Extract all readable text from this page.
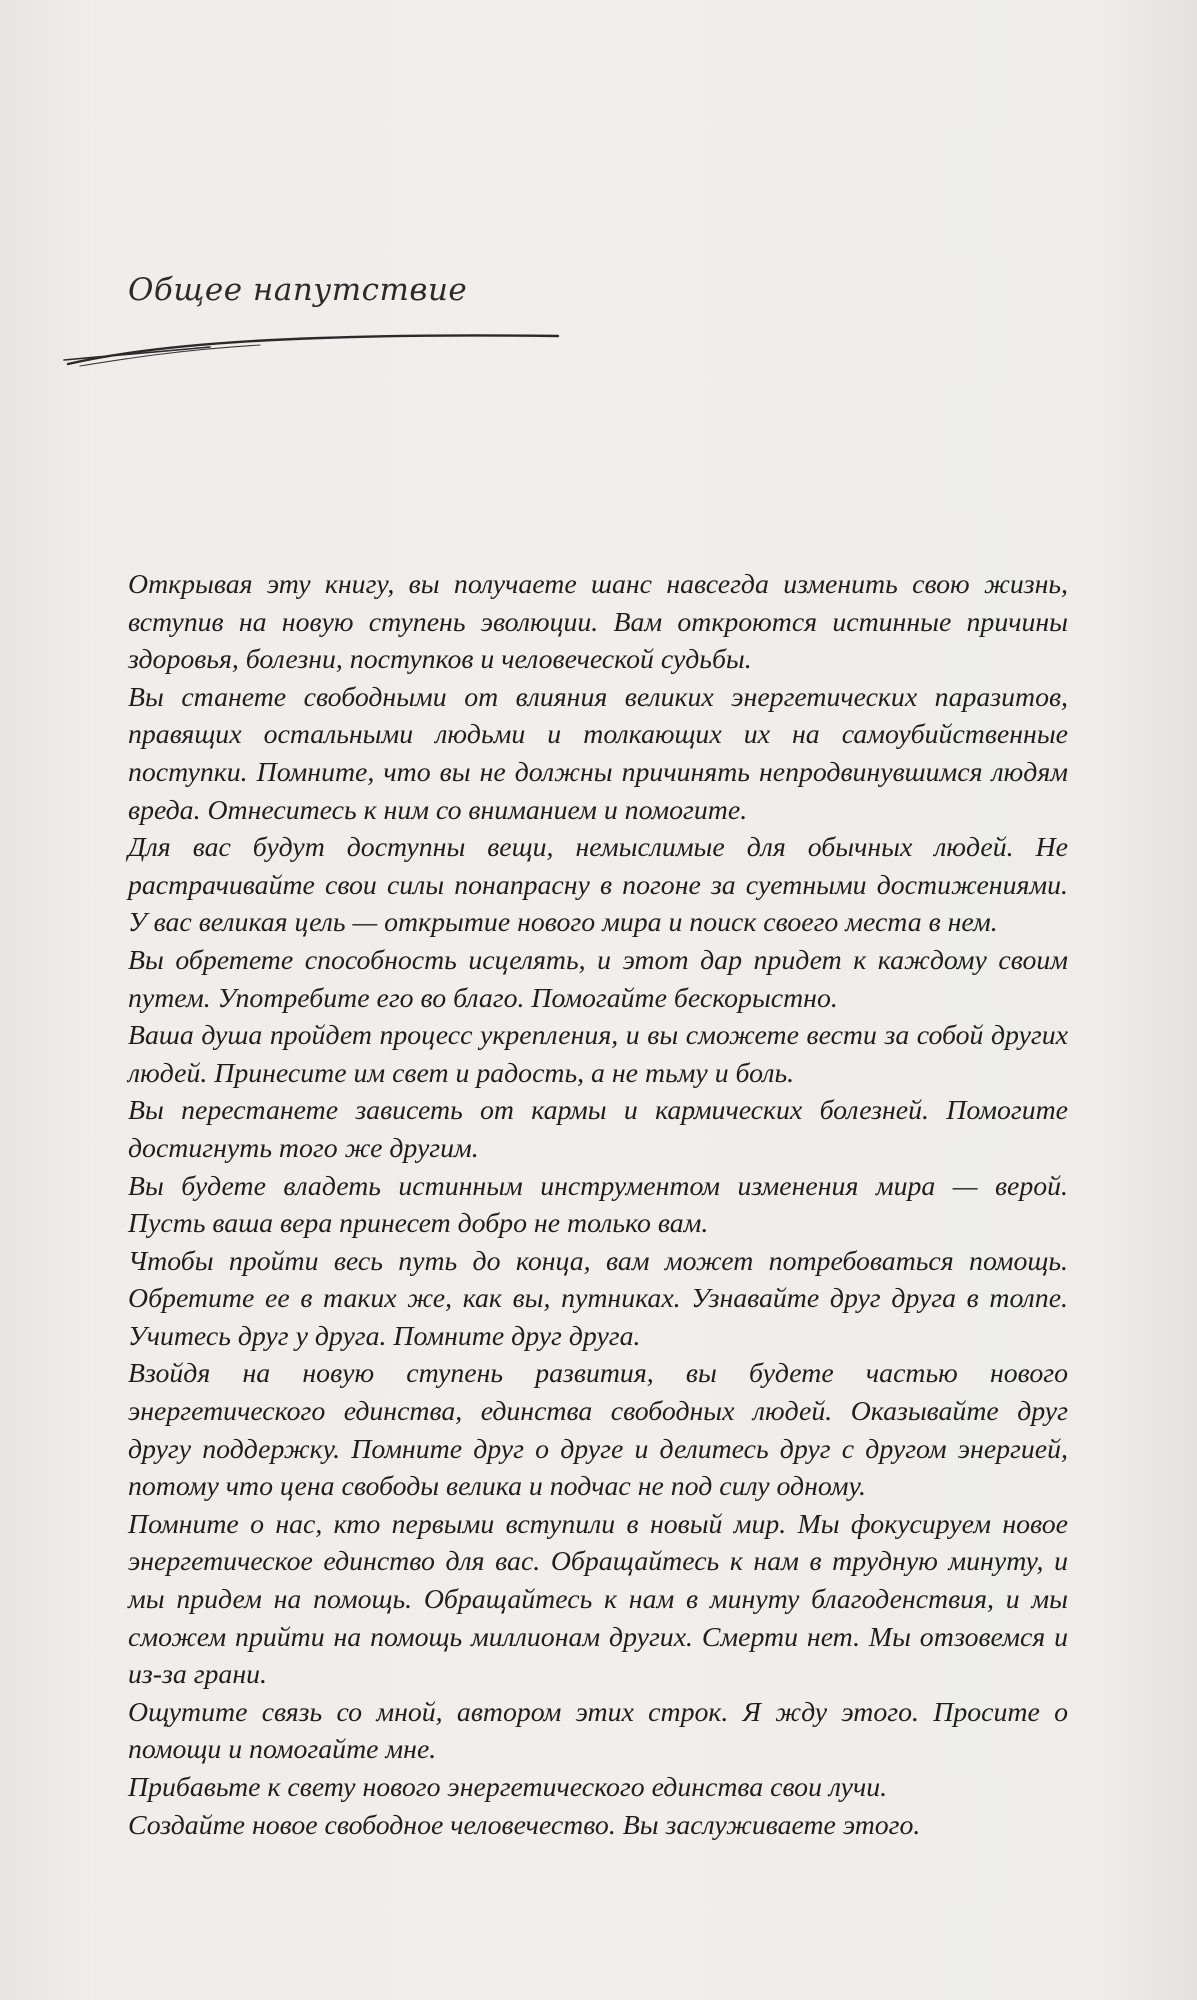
Общее напутствие

Открывая эту книгу, вы получаете шанс навсегда изменить свою жизнь, вступив на новую ступень эволюции. Вам откроются истинные причины здоровья, болезни, поступков и человеческой судьбы.

Вы станете свободными от влияния великих энергетических паразитов, правящих остальными людьми и толкающих их на самоубийственные поступки. Помните, что вы не должны причинять непродвинувшимся людям вреда. Отнеситесь к ним со вниманием и помогите.

Для вас будут доступны вещи, немыслимые для обычных людей. Не растрачивайте свои силы понапрасну в погоне за суетными достижениями. У вас великая цель — открытие нового мира и поиск своего места в нем.

Вы обретете способность исцелять, и этот дар придет к каждому своим путем. Употребите его во благо. Помогайте бескорыстно.

Ваша душа пройдет процесс укрепления, и вы сможете вести за собой других людей. Принесите им свет и радость, а не тьму и боль.

Вы перестанете зависеть от кармы и кармических болезней. Помогите достигнуть того же другим.

Вы будете владеть истинным инструментом изменения мира — верой. Пусть ваша вера принесет добро не только вам.

Чтобы пройти весь путь до конца, вам может потребоваться помощь. Обретите ее в таких же, как вы, путниках. Узнавайте друг друга в толпе. Учитесь друг у друга. Помните друг друга.

Взойдя на новую ступень развития, вы будете частью нового энергетического единства, единства свободных людей. Оказывайте друг другу поддержку. Помните друг о друге и делитесь друг с другом энергией, потому что цена свободы велика и подчас не под силу одному.

Помните о нас, кто первыми вступили в новый мир. Мы фокусируем новое энергетическое единство для вас. Обращайтесь к нам в трудную минуту, и мы придем на помощь. Обращайтесь к нам в минуту благоденствия, и мы сможем прийти на помощь миллионам других. Смерти нет. Мы отзовемся и из-за грани.

Ощутите связь со мной, автором этих строк. Я жду этого. Просите о помощи и помогайте мне.

Прибавьте к свету нового энергетического единства свои лучи.

Создайте новое свободное человечество. Вы заслуживаете этого.
